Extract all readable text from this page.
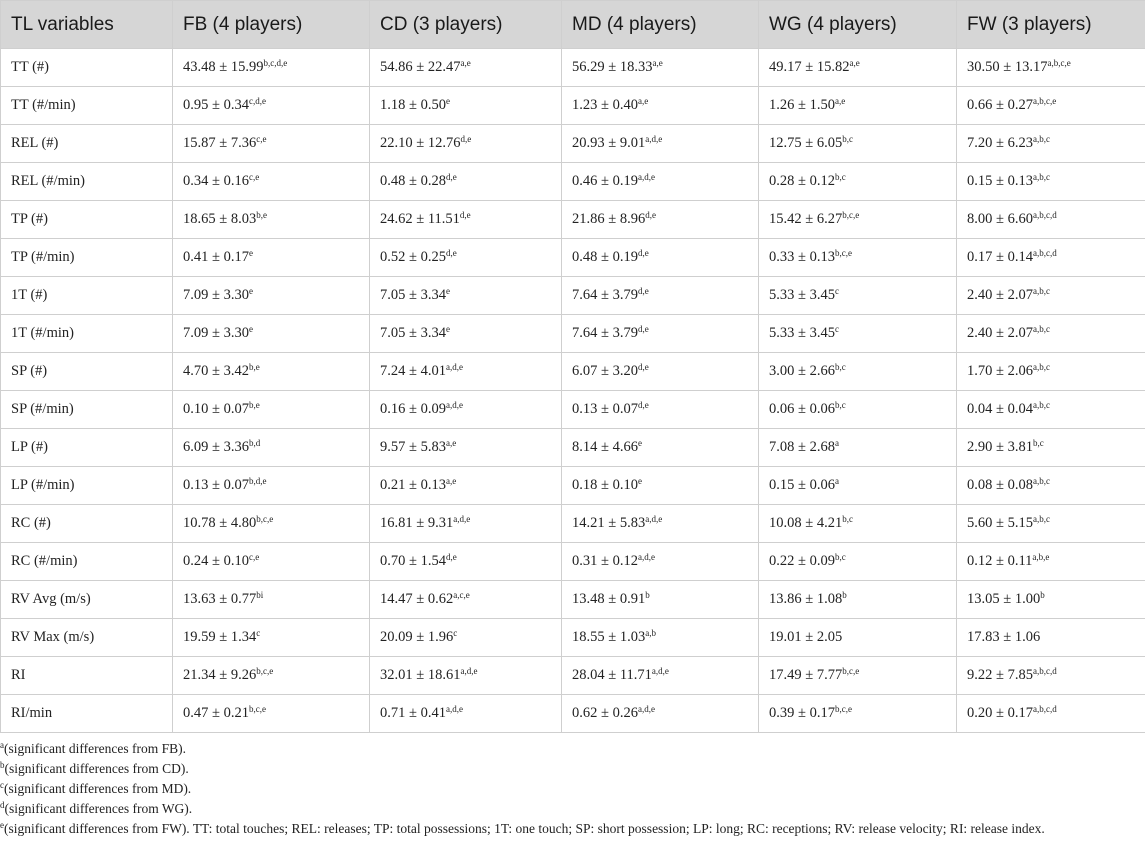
TL variables	FB (4 players)	CD (3 players)	MD (4 players)	WG (4 players)	FW (3 players)
TT (#)	$43.48 \pm 15.99^{b,c,d,e}$	$54.86 \pm 22.47^{a,e}$	$56.29 \pm 18.33^{a,e}$	$49.17 \pm 15.82^{a,e}$	$30.50 \pm 13.17^{a,b,c,e}$
TT (#/min)	$0.95 \pm 0.34^{c,d,e}$	1.18 ± 0.50$^e$	$1.23 \pm 0.40^{a,e}$	$1.26 \pm 1.50^{a,e}$	$0.66 \pm 0.27^{a,b,c,e}$
REL (#)	$15.87 \pm 7.36^{c,e}$	$22.10 \pm 12.76^{d,e}$	$20.93 \pm 9.01^{a,d,e}$	$12.75 \pm 6.05^{b,c}$	$7.20 \pm 6.23^{a,b,c}$
REL (#/min)	$0.34 \pm 0.16^{c,e}$	$0.48 \pm 0.28^{d,e}$	$0.46 \pm 0.19^{a,d,e}$	$0.28 \pm 0.12^{b,c}$	$0.15 \pm 0.13^{a,b,c}$
TP (#)	$18.65 \pm 8.03^{b,e}$	$24.62 \pm 11.51^{d,e}$	$21.86 \pm 8.96^{d,e}$	$15.42 \pm 6.27^{b,c,e}$	$8.00 \pm 6.60^{a,b,c,d}$
TP (#/min)	0.41 ± 0.17$^e$	$0.52 \pm 0.25^{d,e}$	$0.48 \pm 0.19^{d,e}$	$0.33 \pm 0.13^{b,c,e}$	$0.17 \pm 0.14^{a,b,c,d}$
1T (#)	7.09 ± 3.30$^e$	7.05 ± 3.34$^e$	$7.64 \pm 3.79^{d,e}$	5.33 ± 3.45$^c$	$2.40 \pm 2.07^{a,b,c}$
1T (#/min)	7.09 ± 3.30$^e$	7.05 ± 3.34$^e$	$7.64 \pm 3.79^{d,e}$	5.33 ± 3.45$^c$	$2.40 \pm 2.07^{a,b,c}$
SP (#)	$4.70 \pm 3.42^{b,e}$	$7.24 \pm 4.01^{a,d,e}$	$6.07 \pm 3.20^{d,e}$	$3.00 \pm 2.66^{b,c}$	$1.70 \pm 2.06^{a,b,c}$
SP (#/min)	$0.10 \pm 0.07^{b,e}$	$0.16 \pm 0.09^{a,d,e}$	$0.13 \pm 0.07^{d,e}$	$0.06 \pm 0.06^{b,c}$	$0.04 \pm 0.04^{a,b,c}$
LP (#)	$6.09 \pm 3.36^{b,d}$	$9.57 \pm 5.83^{a,e}$	8.14 ± 4.66$^e$	7.08 ± 2.68$^a$	$2.90 \pm 3.81^{b,c}$
LP (#/min)	$0.13 \pm 0.07^{b,d,e}$	$0.21 \pm 0.13^{a,e}$	0.18 ± 0.10$^e$	0.15 ± 0.06$^a$	$0.08 \pm 0.08^{a,b,c}$
RC (#)	$10.78 \pm 4.80^{b,c,e}$	$16.81 \pm 9.31^{a,d,e}$	$14.21 \pm 5.83^{a,d,e}$	$10.08 \pm 4.21^{b,c}$	$5.60 \pm 5.15^{a,b,c}$
RC (#/min)	$0.24 \pm 0.10^{c,e}$	$0.70 \pm 1.54^{d,e}$	$0.31 \pm 0.12^{a,d,e}$	$0.22 \pm 0.09^{b,c}$	$0.12 \pm 0.11^{a,b,e}$
RV Avg (m/s)	$13.63 \pm 0.77^{bi}$	$14.47 \pm 0.62^{a,c,e}$	13.48 ± 0.91$^b$	13.86 ± 1.08$^b$	13.05 ± 1.00$^b$
RV Max (m/s)	19.59 ± 1.34$^c$	20.09 ± 1.96$^c$	$18.55 \pm 1.03^{a,b}$	19.01 ± 2.05	17.83 ± 1.06
RI	$21.34 \pm 9.26^{b,c,e}$	$32.01 \pm 18.61^{a,d,e}$	$28.04 \pm 11.71^{a,d,e}$	$17.49 \pm 7.77^{b,c,e}$	$9.22 \pm 7.85^{a,b,c,d}$
RI/min	$0.47 \pm 0.21^{b,c,e}$	$0.71 \pm 0.41^{a,d,e}$	$0.62 \pm 0.26^{a,d,e}$	$0.39 \pm 0.17^{b,c,e}$	$0.20 \pm 0.17^{a,b,c,d}$
$^a$(significant differences from FB).
$^b$(significant differences from CD).
$^c$(significant differences from MD).
$^d$(significant differences from WG).
$^e$(significant differences from FW). TT: total touches; REL: releases; TP: total possessions; 1T: one touch; SP: short possession; LP: long; RC: receptions; RV: release velocity; RI: release index.
